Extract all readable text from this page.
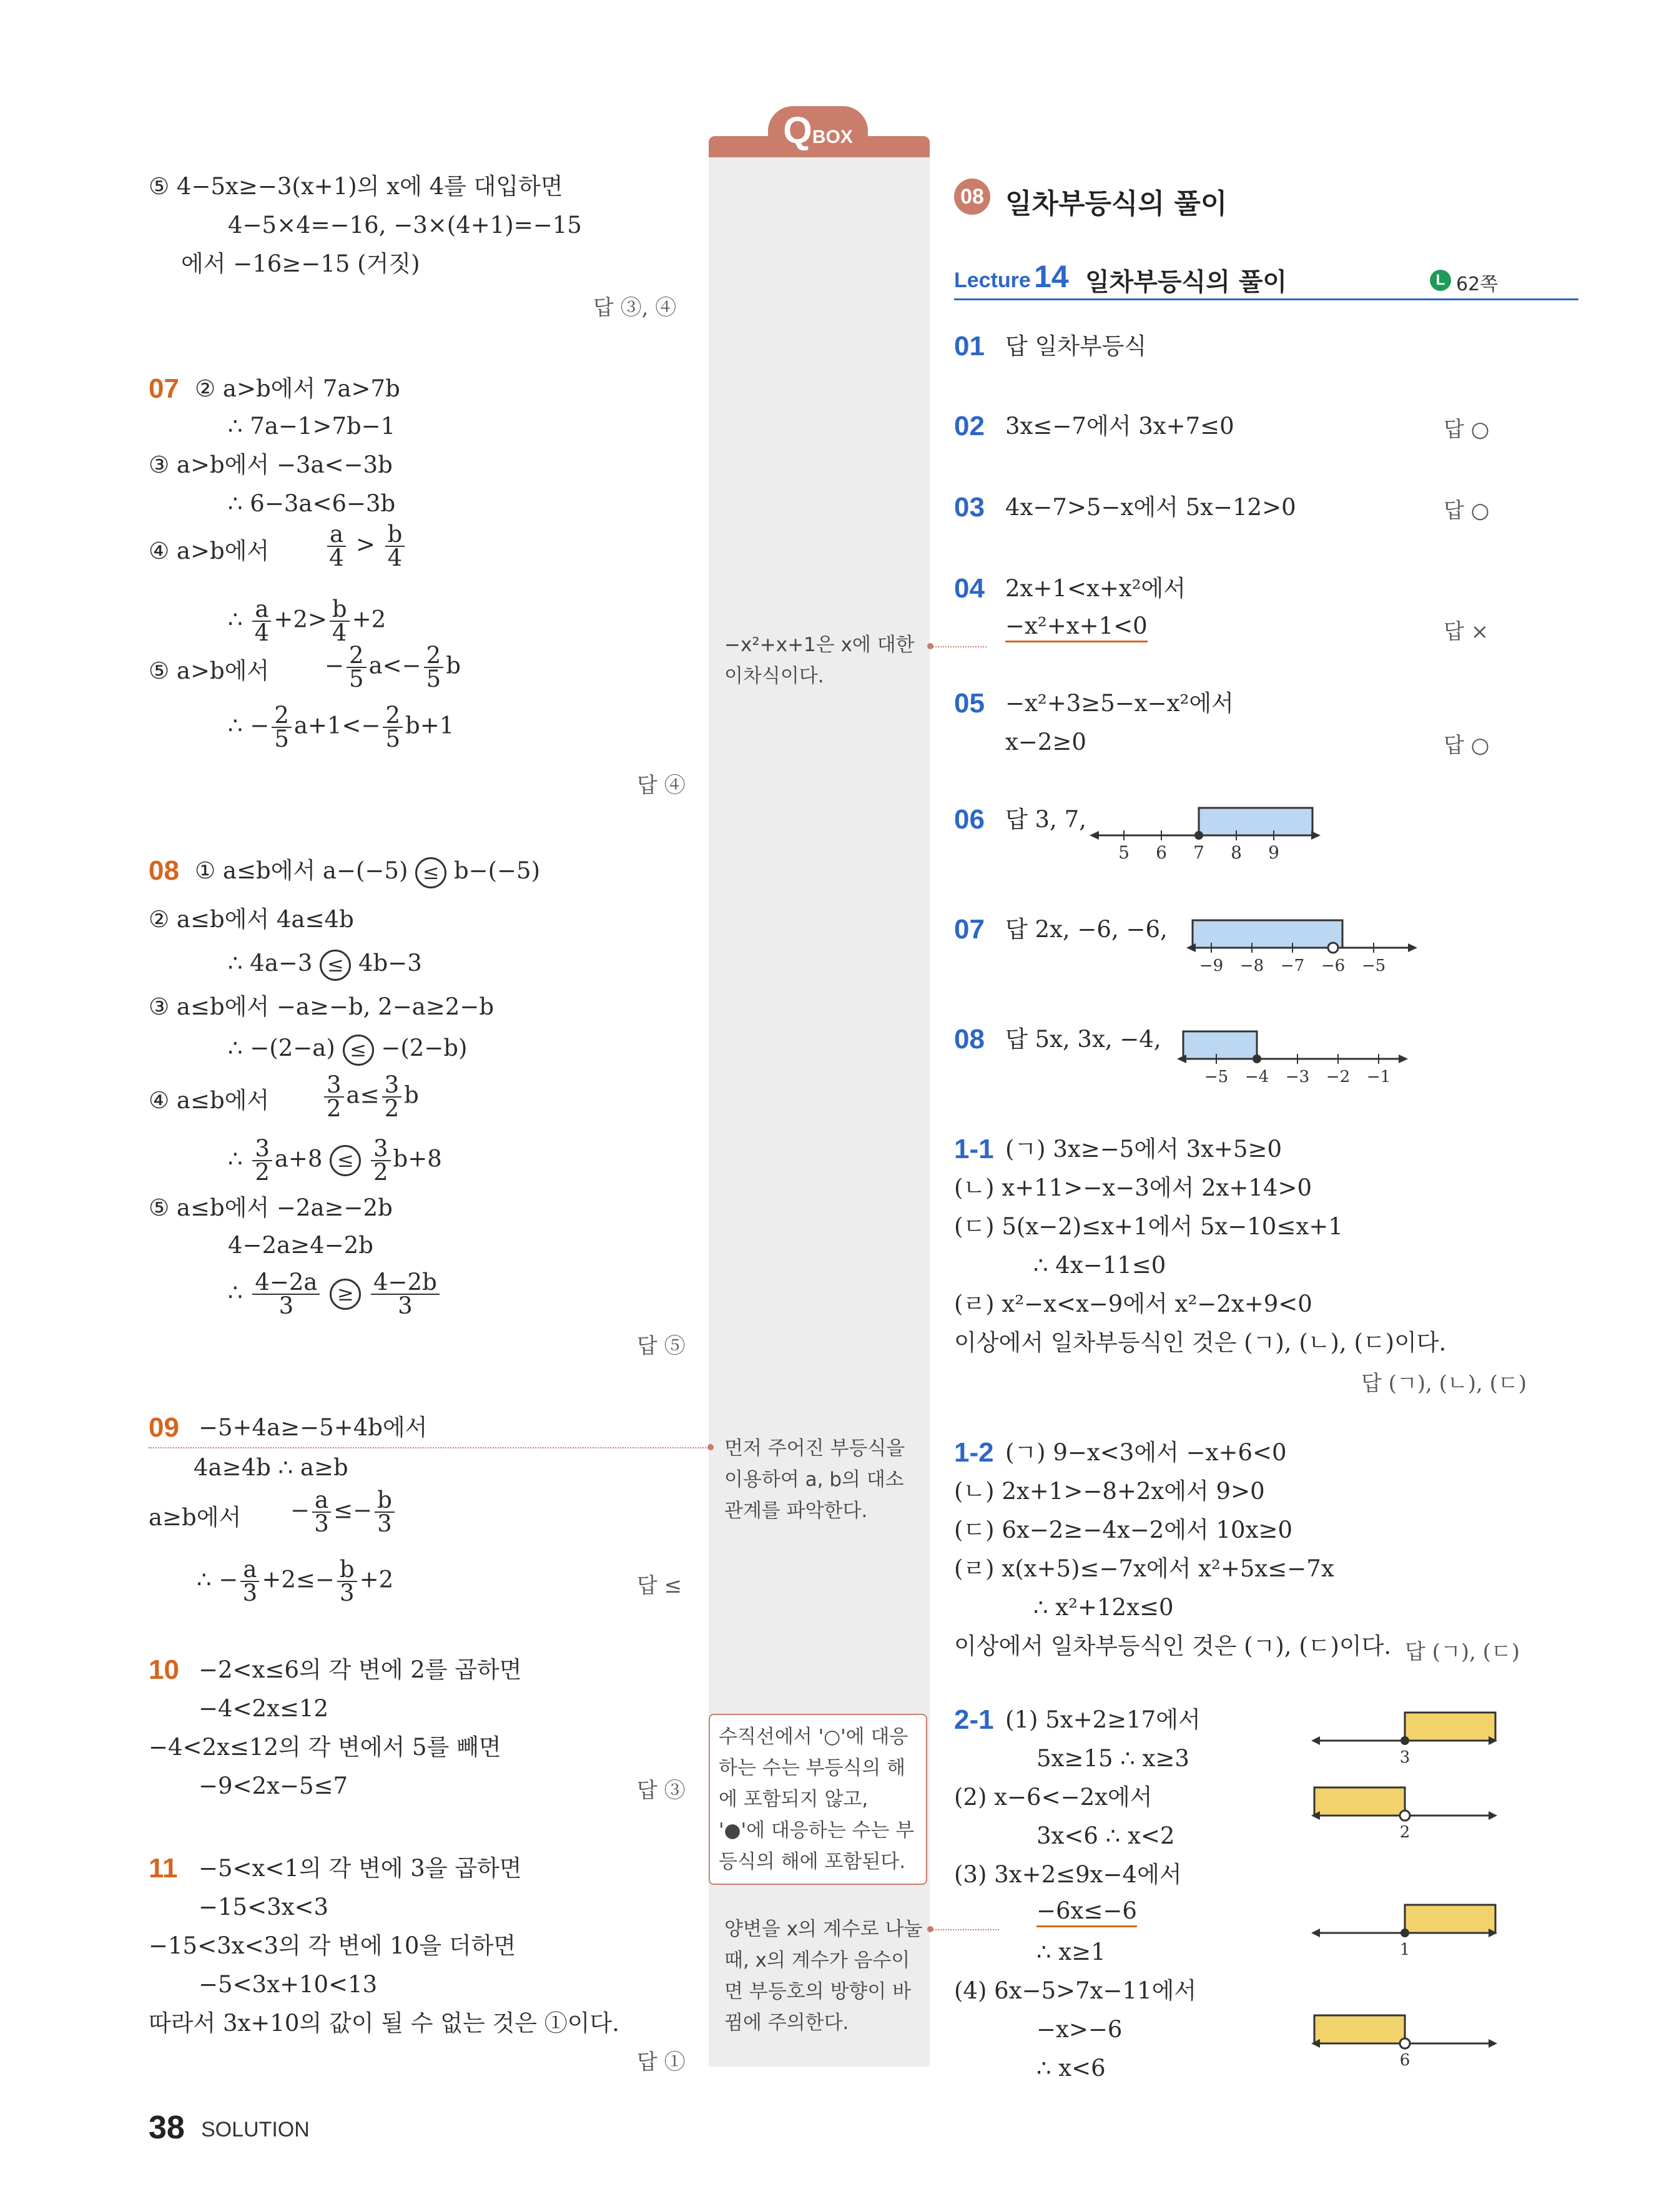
QBOX
⑤ 4−5x≥−3(x+1)의 x에 4를 대입하면
4−5×4=−16, −3×(4+1)=−15
에서 −16≥−15 (거짓)
답 ③, ④
07 ② a>b에서 7a>7b
∴ 7a−1>7b−1
③ a>b에서 −3a<−3b
∴ 6−3a<6−3b
④ a>b에서	$\frac{a}{4} > \frac{b}{4}$
∴ $\frac{a}{4} +2> \frac{b}{4} +2$
⑤ a>b에서 − $\frac{2}{5} a<- \frac{2}{5}$ b
∴ − $\frac{2}{5} a+1<- \frac{2}{5} b+1$
답 ④
08 ① a≤b에서 a−(−5) ≤ b−(−5)
② a≤b에서 4a≤4b
∴ 4a−3 ≤ 4b−3
③ a≤b에서 −a≥−b, 2−a≥2−b
∴ −(2−a) ≤ −(2−b)
④ a≤b에서 $\frac{3}{2} a\le \frac{3}{2}$ b
∴ $\frac{3}{2} a+8 \le \frac{3}{2} b+8$
⑤ a≤b에서 −2a≥−2b
4−2a≥4−2b
∴ $\frac{4-2a}{3} \ge \frac{4-2b}{3}$
답 ⑤
09 −5+4a≥−5+4b에서
4a≥4b ∴ a≥b
a≥b에서 − $\frac{a}{3} \le- \frac{b}{3}$
∴ − $\frac{a}{3} +2\le- \frac{b}{3} +2$	답 ≤
10 −2<x≤6의 각 변에 2를 곱하면
−4<2x≤12
−4<2x≤12의 각 변에서 5를 빼면
−9<2x−5≤7	답 ③
11 −5<x<1의 각 변에 3을 곱하면
−15<3x<3
−15<3x<3의 각 변에 10을 더하면
−5<3x+10<13
따라서 3x+10의 값이 될 수 없는 것은 ①이다.
답 ①
−x²+x+1은 x에 대한 이차식이다.
먼저 주어진 부등식을 이용하여 a, b의 대소 관계를 파악한다.
수직선에서 '○'에 대응하는 수는 부등식의 해에 포함되지 않고, '●'에 대응하는 수는 부등식의 해에 포함된다.
양변을 x의 계수로 나눌 때, x의 계수가 음수이면 부등호의 방향이 바뀜에 주의한다.
08 일차부등식의 풀이
Lecture 14 일차부등식의 풀이	L 62쪽
01 답 일차부등식
02 3x≤−7에서 3x+7≤0	답 ○
03 4x−7>5−x에서 5x−12>0	답 ○
04 2x+1<x+x²에서
−x²+x+1<0	답 ×
05 −x²+3≥5−x−x²에서
x−2≥0	답 ○
06 답 3, 7,
5 6 7 8 9
07 답 2x, −6, −6,
−9 −8 −7 −6 −5
08 답 5x, 3x, −4,
−5 −4 −3 −2 −1
1-1 (ㄱ) 3x≥−5에서 3x+5≥0
(ㄴ) x+11>−x−3에서 2x+14>0
(ㄷ) 5(x−2)≤x+1에서 5x−10≤x+1
∴ 4x−11≤0
(ㄹ) x²−x<x−9에서 x²−2x+9<0
이상에서 일차부등식인 것은 (ㄱ), (ㄴ), (ㄷ)이다.
답 (ㄱ), (ㄴ), (ㄷ)
1-2 (ㄱ) 9−x<3에서 −x+6<0
(ㄴ) 2x+1>−8+2x에서 9>0
(ㄷ) 6x−2≥−4x−2에서 10x≥0
(ㄹ) x(x+5)≤−7x에서 x²+5x≤−7x
∴ x²+12x≤0
이상에서 일차부등식인 것은 (ㄱ), (ㄷ)이다. 답 (ㄱ), (ㄷ)
2-1 (1) 5x+2≥17에서
5x≥15 ∴ x≥3
(2) x−6<−2x에서
3x<6 ∴ x<2
(3) 3x+2≤9x−4에서
−6x≤−6
∴ x≥1
(4) 6x−5>7x−11에서
−x>−6
∴ x<6
3
2
1
6
38 SOLUTION
